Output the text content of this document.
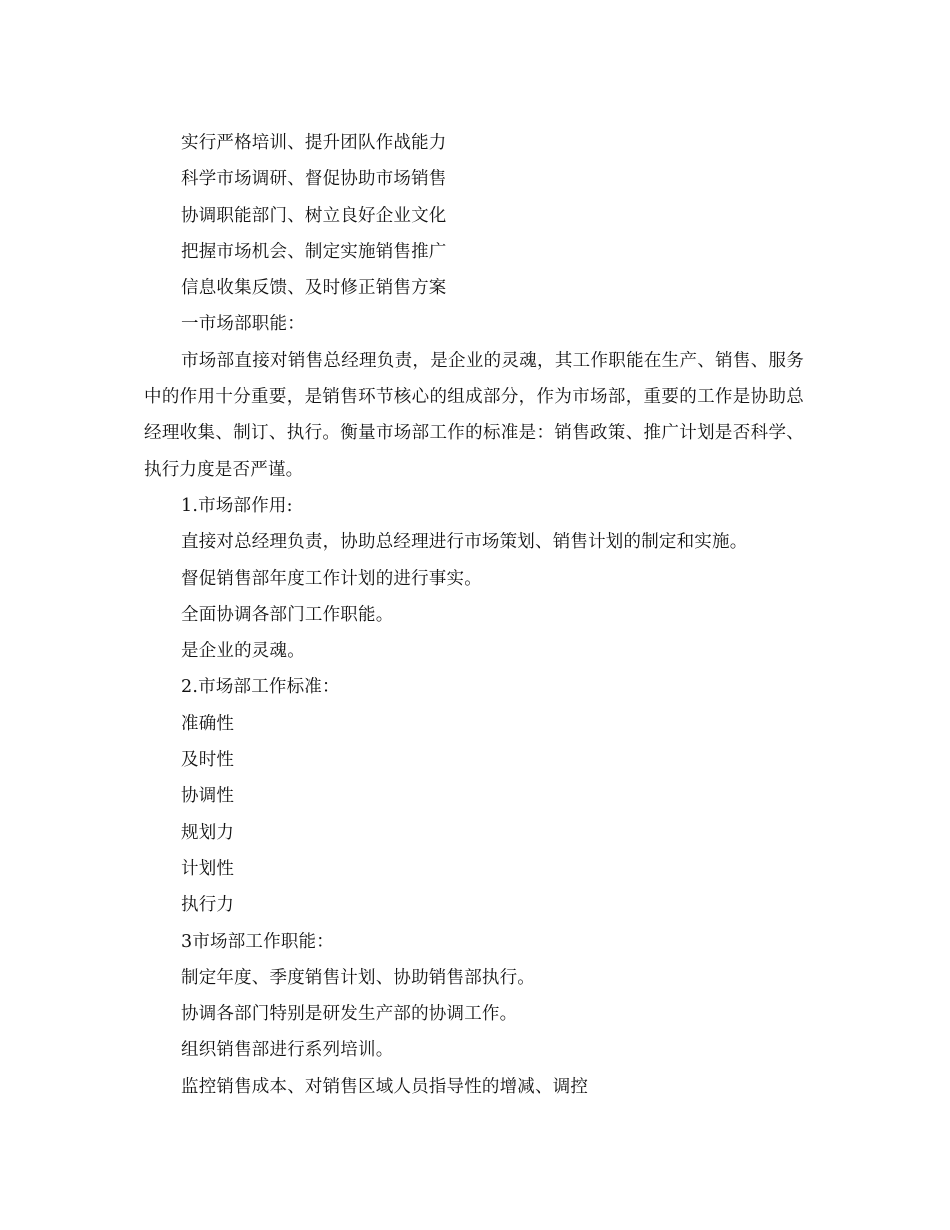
实行严格培训、提升团队作战能力
科学市场调研、督促协助市场销售
协调职能部门、树立良好企业文化
把握市场机会、制定实施销售推广
信息收集反馈、及时修正销售方案
一市场部职能：

市场部直接对销售总经理负责，是企业的灵魂，其工作职能在生产、销售、服务中的作用十分重要，是销售环节核心的组成部分，作为市场部，重要的工作是协助总经理收集、制订、执行。衡量市场部工作的标准是：销售政策、推广计划是否科学、执行力度是否严谨。

1.市场部作用:
直接对总经理负责，协助总经理进行市场策划、销售计划的制定和实施。
督促销售部年度工作计划的进行事实。
全面协调各部门工作职能。
是企业的灵魂。
2.市场部工作标准：
准确性
及时性
协调性
规划力
计划性
执行力
3市场部工作职能：
制定年度、季度销售计划、协助销售部执行。
协调各部门特别是研发生产部的协调工作。
组织销售部进行系列培训。
监控销售成本、对销售区域人员指导性的增减、调控
